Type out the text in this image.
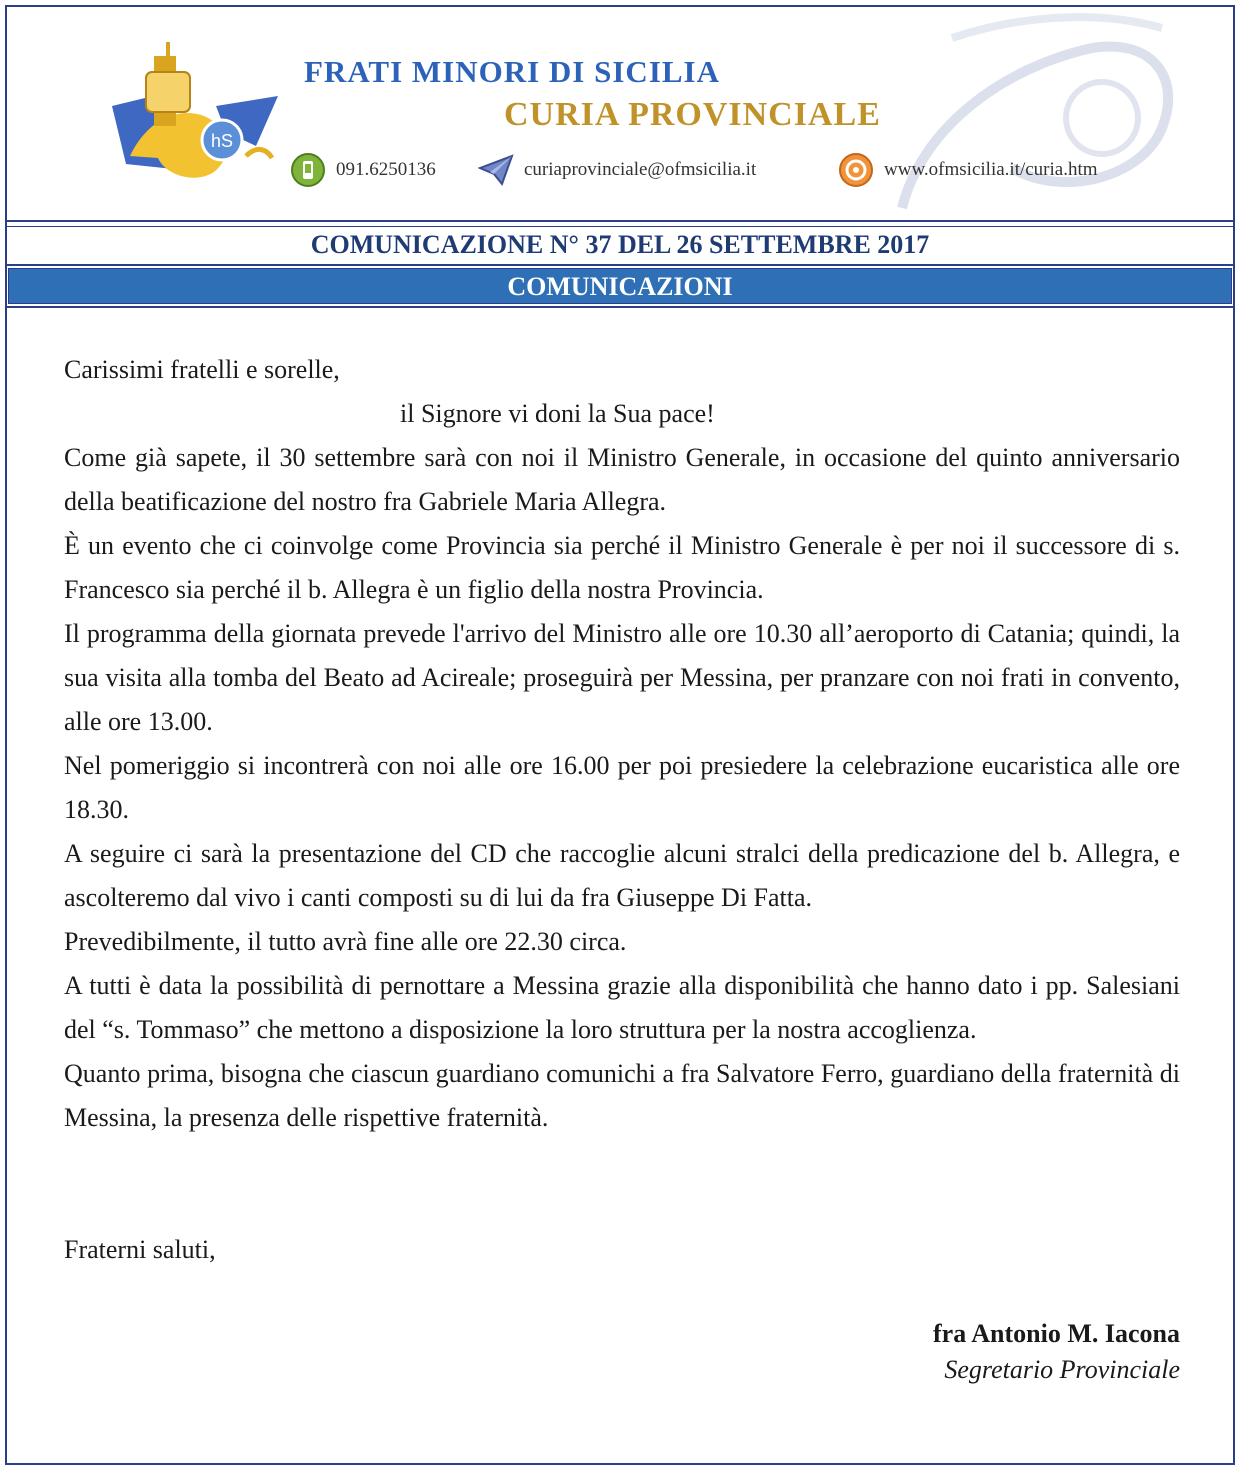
hS
FRATI MINORI DI SICILIA
CURIA PROVINCIALE
091.6250136	curiaprovinciale@ofmsicilia.it	www.ofmsicilia.it/curia.htm
COMUNICAZIONE N° 37 DEL 26 SETTEMBRE 2017
COMUNICAZIONI

Carissimi fratelli e sorelle,

il Signore vi doni la Sua pace!

Come già sapete, il 30 settembre sarà con noi il Ministro Generale, in occasione del quinto anniversario della beatificazione del nostro fra Gabriele Maria Allegra.

È un evento che ci coinvolge come Provincia sia perché il Ministro Generale è per noi il successore di s. Francesco sia perché il b. Allegra è un figlio della nostra Provincia.

Il programma della giornata prevede l'arrivo del Ministro alle ore 10.30 all’aeroporto di Catania; quindi, la sua visita alla tomba del Beato ad Acireale; proseguirà per Messina, per pranzare con noi frati in convento, alle ore 13.00.

Nel pomeriggio si incontrerà con noi alle ore 16.00 per poi presiedere la celebrazione eucaristica alle ore 18.30.

A seguire ci sarà la presentazione del CD che raccoglie alcuni stralci della predicazione del b. Allegra, e ascolteremo dal vivo i canti composti su di lui da fra Giuseppe Di Fatta.

Prevedibilmente, il tutto avrà fine alle ore 22.30 circa.

A tutti è data la possibilità di pernottare a Messina grazie alla disponibilità che hanno dato i pp. Salesiani del “s. Tommaso” che mettono a disposizione la loro struttura per la nostra accoglienza.

Quanto prima, bisogna che ciascun guardiano comunichi a fra Salvatore Ferro, guardiano della fraternità di Messina, la presenza delle rispettive fraternità.

Fraterni saluti,
fra Antonio M. Iacona
Segretario Provinciale
